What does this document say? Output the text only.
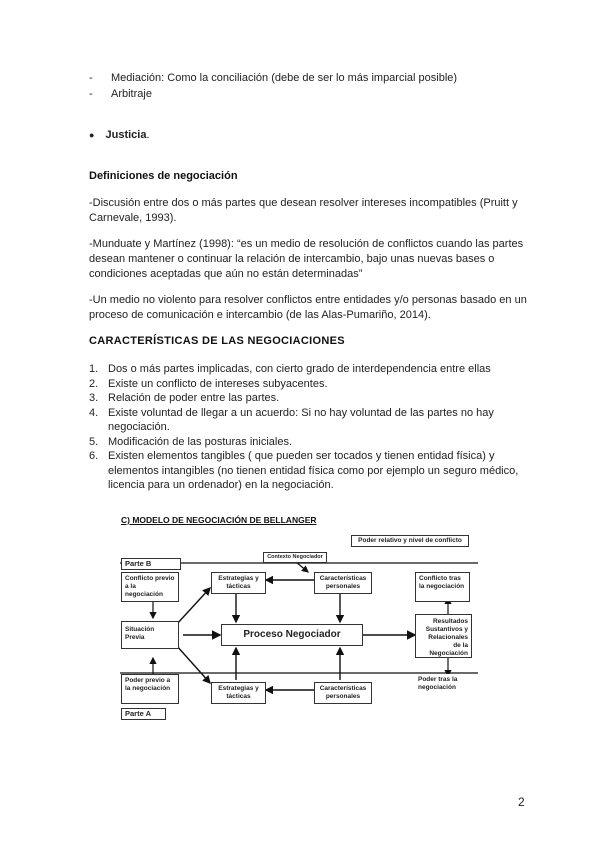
- Mediación: Como la conciliación (debe de ser lo más imparcial posible)
- Arbitraje
● Justicia.
Definiciones de negociación
-Discusión entre dos o más partes que desean resolver intereses incompatibles (Pruitt y Carnevale, 1993).
-Munduate y Martínez (1998): “es un medio de resolución de conflictos cuando las partes desean mantener o continuar la relación de intercambio, bajo unas nuevas bases o condiciones aceptadas que aún no están determinadas”
-Un medio no violento para resolver conflictos entre entidades y/o personas basado en un proceso de comunicación e intercambio (de las Alas-Pumariño, 2014).
CARACTERÍSTICAS DE LAS NEGOCIACIONES
1. Dos o más partes implicadas, con cierto grado de interdependencia entre ellas
2. Existe un conflicto de intereses subyacentes.
3. Relación de poder entre las partes.
4. Existe voluntad de llegar a un acuerdo: Si no hay voluntad de las partes no hay negociación.
5. Modificación de las posturas iniciales.
6. Existen elementos tangibles ( que pueden ser tocados y tienen entidad física) y elementos intangibles (no tienen entidad física como por ejemplo un seguro médico, licencia para un ordenador) en la negociación.
C) MODELO DE NEGOCIACIÓN DE BELLANGER
Poder relativo y nivel de conflicto
Contexto Negociador
Parte B
Conflicto previo a la negociación
Estrategias y tácticas
Características personales
Conflicto tras la negociación
Situación Previa	Proceso Negociador
Resultados Sustantivos y Relacionales de la Negociación
Poder previo a la negociación	Estrategias y tácticas
Características personales
Poder tras la negociación
Parte A
2
